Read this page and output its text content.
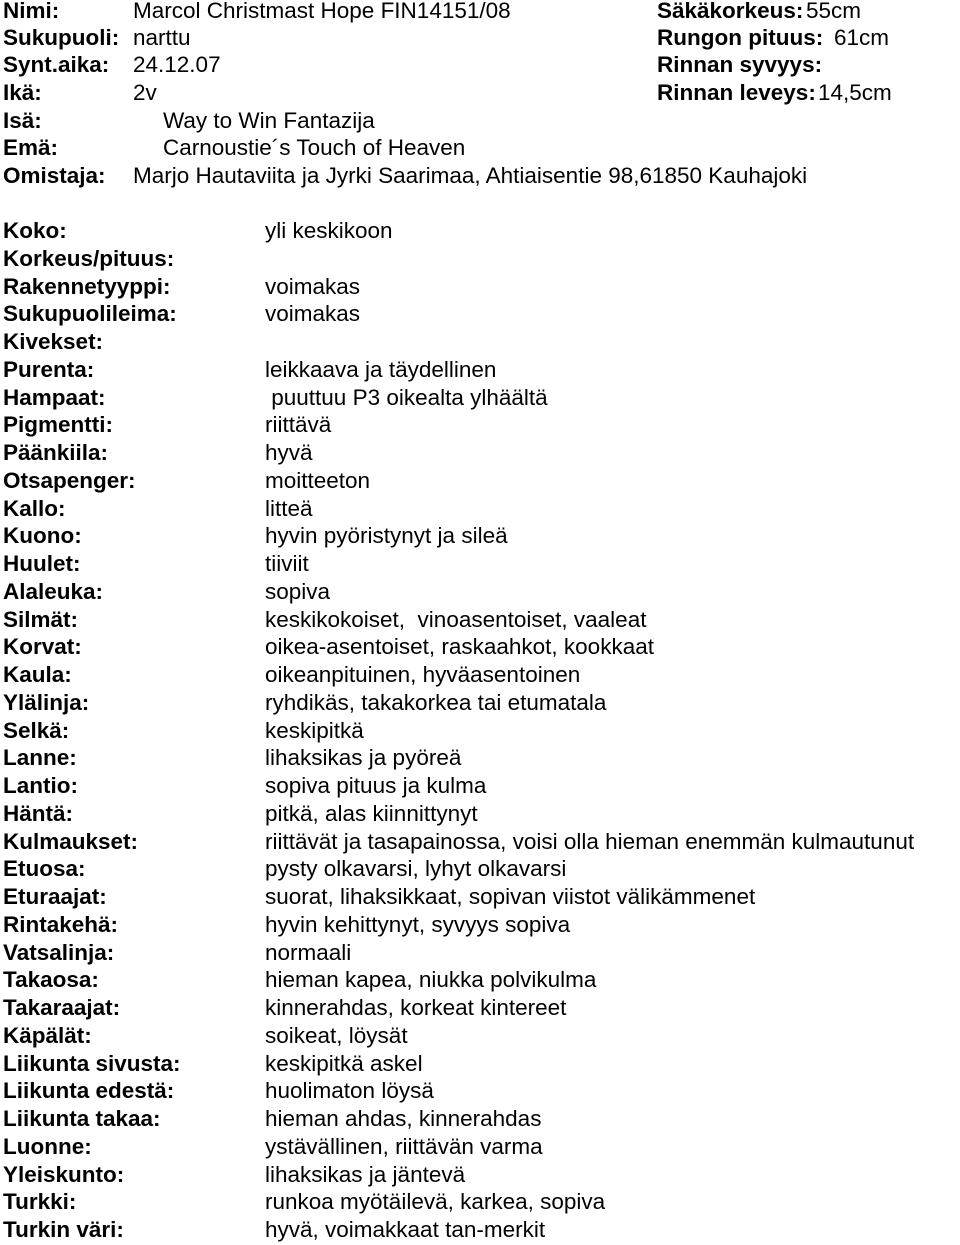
Nimi:	Marcol Christmast Hope FIN14151/08	Säkäkorkeus: 55cm
Sukupuoli: narttu	Rungon pituus: 61cm
Synt.aika: 24.12.07	Rinnan syvyys:
Ikä:	2v	Rinnan leveys: 14,5cm
Isä:	Way to Win Fantazija
Emä:	Carnoustie´s Touch of Heaven
Omistaja: Marjo Hautaviita ja Jyrki Saarimaa, Ahtiaisentie 98,61850 Kauhajoki
Koko:	yli keskikoon
Korkeus/pituus:
Rakennetyyppi:	voimakas
Sukupuolileima:	voimakas
Kivekset:
Purenta:	leikkaava ja täydellinen
Hampaat:	puuttuu P3 oikealta ylhäältä
Pigmentti:	riittävä
Päänkiila:	hyvä
Otsapenger:	moitteeton
Kallo:	litteä
Kuono:	hyvin pyöristynyt ja sileä
Huulet:	tiiviit
Alaleuka:	sopiva
Silmät:	keskikokoiset,  vinoasentoiset, vaaleat
Korvat:	oikea-asentoiset, raskaahkot, kookkaat
Kaula:	oikeanpituinen, hyväasentoinen
Ylälinja:	ryhdikäs, takakorkea tai etumatala
Selkä:	keskipitkä
Lanne:	lihaksikas ja pyöreä
Lantio:	sopiva pituus ja kulma
Häntä:	pitkä, alas kiinnittynyt
Kulmaukset:	riittävät ja tasapainossa, voisi olla hieman enemmän kulmautunut
Etuosa:	pysty olkavarsi, lyhyt olkavarsi
Eturaajat:	suorat, lihaksikkaat, sopivan viistot välikämmenet
Rintakehä:	hyvin kehittynyt, syvyys sopiva
Vatsalinja:	normaali
Takaosa:	hieman kapea, niukka polvikulma
Takaraajat:	kinnerahdas, korkeat kintereet
Käpälät:	soikeat, löysät
Liikunta sivusta:	keskipitkä askel
Liikunta edestä:	huolimaton löysä
Liikunta takaa:	hieman ahdas, kinnerahdas
Luonne:	ystävällinen, riittävän varma
Yleiskunto:	lihaksikas ja jäntevä
Turkki:	runkoa myötäilevä, karkea, sopiva
Turkin väri:	hyvä, voimakkaat tan-merkit
